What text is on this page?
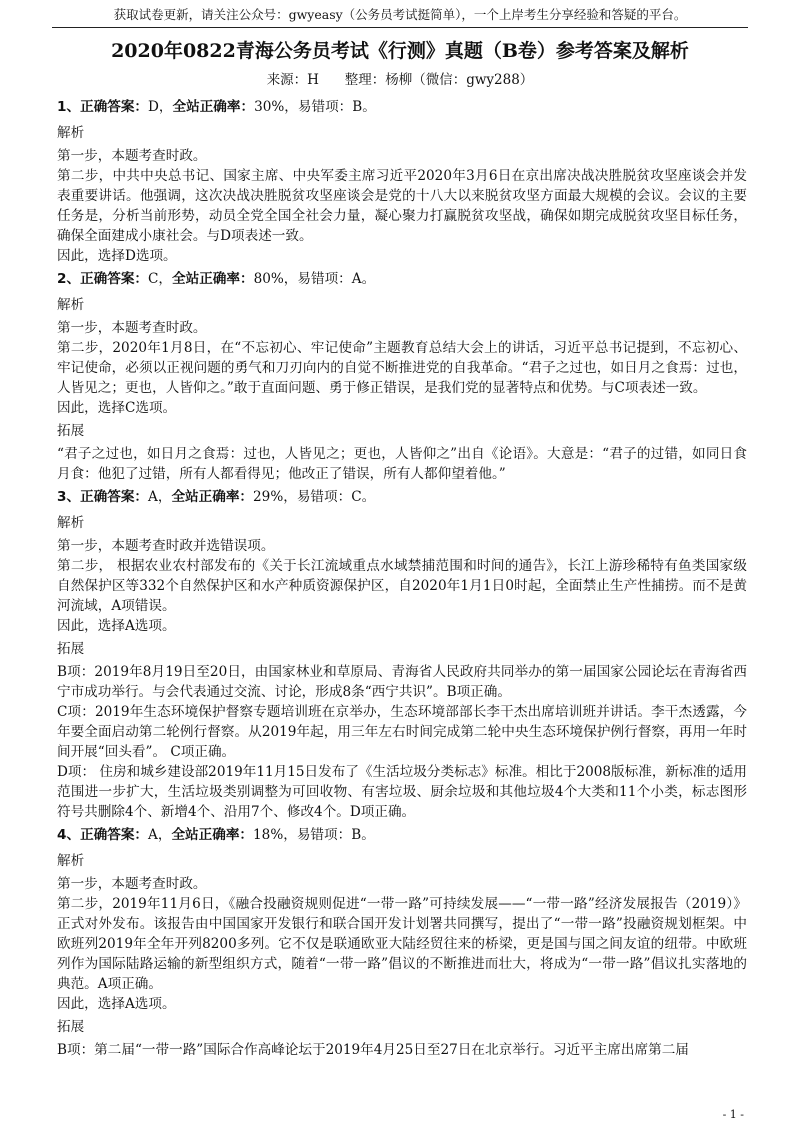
获取试卷更新，请关注公众号：gwyeasy（公务员考试挺简单），一个上岸考生分享经验和答疑的平台。
2020年0822青海公务员考试《行测》真题（B卷）参考答案及解析
来源：H      整理：杨柳（微信：gwy288）
1、正确答案：D，全站正确率：30%，易错项：B。
解析

第一步，本题考查时政。

第二步，中共中央总书记、国家主席、中央军委主席习近平2020年3月6日在京出席决战决胜脱贫攻坚座谈会并发表重要讲话。他强调，这次决战决胜脱贫攻坚座谈会是党的十八大以来脱贫攻坚方面最大规模的会议。会议的主要任务是，分析当前形势，动员全党全国全社会力量，凝心聚力打赢脱贫攻坚战，确保如期完成脱贫攻坚目标任务，确保全面建成小康社会。与D项表述一致。

因此，选择D选项。

2、正确答案：C，全站正确率：80%，易错项：A。
解析

第一步，本题考查时政。

第二步，2020年1月8日，在“不忘初心、牢记使命”主题教育总结大会上的讲话，习近平总书记提到，不忘初心、牢记使命，必须以正视问题的勇气和刀刃向内的自觉不断推进党的自我革命。“君子之过也，如日月之食焉：过也，人皆见之；更也，人皆仰之。”敢于直面问题、勇于修正错误，是我们党的显著特点和优势。与C项表述一致。

因此，选择C选项。

拓展

“君子之过也，如日月之食焉：过也，人皆见之；更也，人皆仰之”出自《论语》。大意是：“君子的过错，如同日食月食：他犯了过错，所有人都看得见；他改正了错误，所有人都仰望着他。”

3、正确答案：A，全站正确率：29%，易错项：C。
解析

第一步，本题考查时政并选错误项。

第二步， 根据农业农村部发布的《关于长江流域重点水域禁捕范围和时间的通告》，长江上游珍稀特有鱼类国家级自然保护区等332个自然保护区和水产种质资源保护区，自2020年1月1日0时起，全面禁止生产性捕捞。而不是黄河流域，A项错误。

因此，选择A选项。

拓展

B项：2019年8月19日至20日，由国家林业和草原局、青海省人民政府共同举办的第一届国家公园论坛在青海省西宁市成功举行。与会代表通过交流、讨论，形成8条“西宁共识”。B项正确。

C项：2019年生态环境保护督察专题培训班在京举办，生态环境部部长李干杰出席培训班并讲话。李干杰透露，今年要全面启动第二轮例行督察。从2019年起，用三年左右时间完成第二轮中央生态环境保护例行督察，再用一年时间开展“回头看”。 C项正确。

D项： 住房和城乡建设部2019年11月15日发布了《生活垃圾分类标志》标准。相比于2008版标准，新标准的适用范围进一步扩大，生活垃圾类别调整为可回收物、有害垃圾、厨余垃圾和其他垃圾4个大类和11个小类，标志图形符号共删除4个、新增4个、沿用7个、修改4个。D项正确。

4、正确答案：A，全站正确率：18%，易错项：B。
解析

第一步，本题考查时政。

第二步，2019年11月6日，《融合投融资规则促进“一带一路”可持续发展——“一带一路”经济发展报告（2019）》正式对外发布。该报告由中国国家开发银行和联合国开发计划署共同撰写，提出了“一带一路”投融资规划框架。中欧班列2019年全年开列8200多列。它不仅是联通欧亚大陆经贸往来的桥梁，更是国与国之间友谊的纽带。中欧班列作为国际陆路运输的新型组织方式，随着“一带一路”倡议的不断推进而壮大，将成为“一带一路”倡议扎实落地的典范。A项正确。

因此，选择A选项。

拓展

B项：第二届“一带一路”国际合作高峰论坛于2019年4月25日至27日在北京举行。习近平主席出席第二届

- 1 -
